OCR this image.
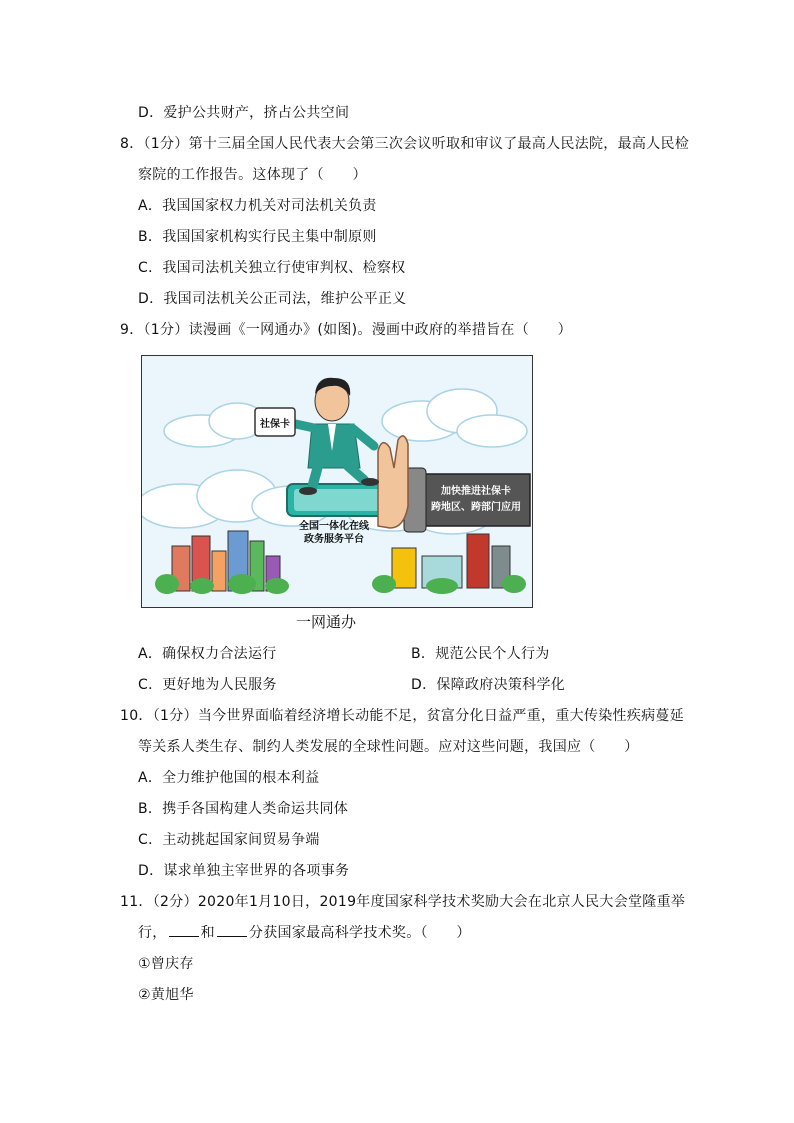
D．爱护公共财产，挤占公共空间
8．（1分）第十三届全国人民代表大会第三次会议听取和审议了最高人民法院，最高人民检
察院的工作报告。这体现了（　　）
A．我国国家权力机关对司法机关负责
B．我国国家机构实行民主集中制原则
C．我国司法机关独立行使审判权、检察权
D．我国司法机关公正司法，维护公平正义
9．（1分）读漫画《一网通办》(如图)。漫画中政府的举措旨在（　　）
社保卡
全国一体化在线
政务服务平台
加快推进社保卡
跨地区、跨部门应用
一网通办
A．确保权力合法运行	B．规范公民个人行为
C．更好地为人民服务	D．保障政府决策科学化
10．（1分）当今世界面临着经济增长动能不足，贫富分化日益严重，重大传染性疾病蔓延
等关系人类生存、制约人类发展的全球性问题。应对这些问题，我国应（　　）
A．全力维护他国的根本利益
B．携手各国构建人类命运共同体
C．主动挑起国家间贸易争端
D．谋求单独主宰世界的各项事务
11．（2分）2020年1月10日，2019年度国家科学技术奖励大会在北京人民大会堂隆重举
行， 和 分获国家最高科学技术奖。（　　）
①曾庆存
②黄旭华
